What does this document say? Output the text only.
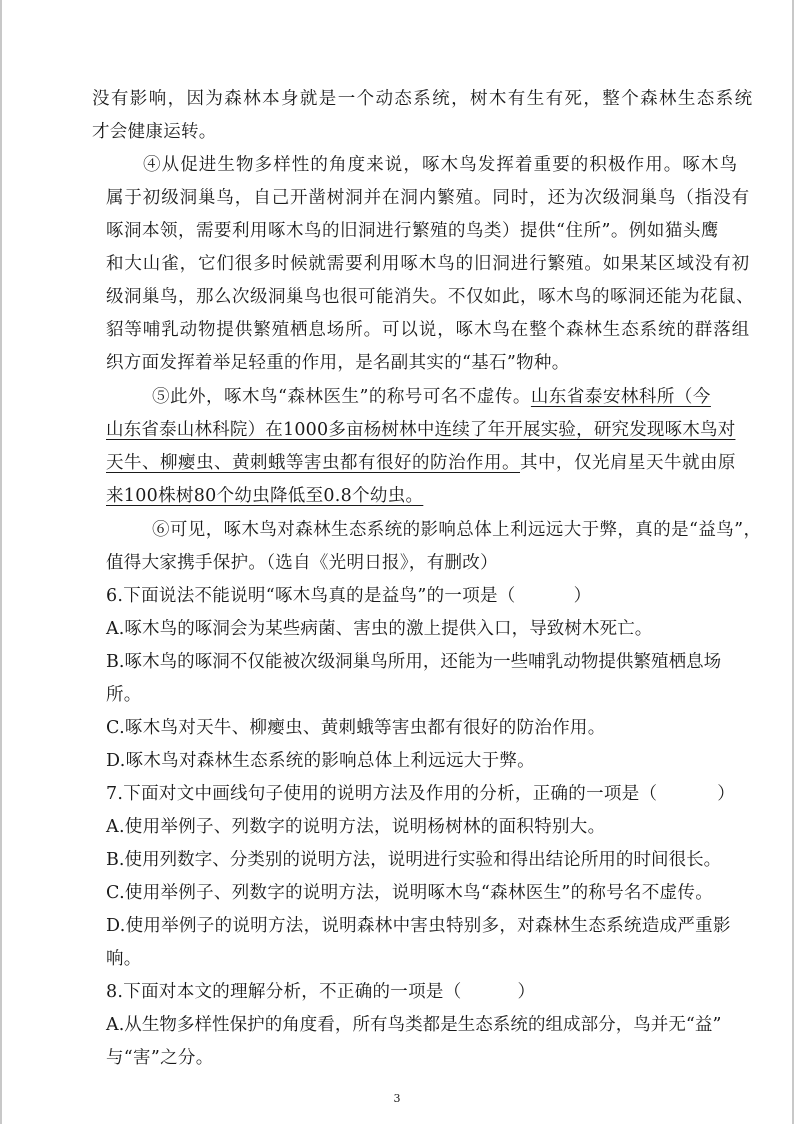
没有影响，因为森林本身就是一个动态系统，树木有生有死，整个森林生态系统
才会健康运转。
④从促进生物多样性的角度来说，啄木鸟发挥着重要的积极作用。啄木鸟
属于初级洞巢鸟，自己开凿树洞并在洞内繁殖。同时，还为次级洞巢鸟（指没有
啄洞本领，需要利用啄木鸟的旧洞进行繁殖的鸟类）提供“住所”。例如猫头鹰
和大山雀，它们很多时候就需要利用啄木鸟的旧洞进行繁殖。如果某区域没有初
级洞巢鸟，那么次级洞巢鸟也很可能消失。不仅如此，啄木鸟的啄洞还能为花鼠、
貂等哺乳动物提供繁殖栖息场所。可以说，啄木鸟在整个森林生态系统的群落组
织方面发挥着举足轻重的作用，是名副其实的“基石”物种。
⑤此外，啄木鸟“森林医生”的称号可名不虚传。山东省泰安林科所（今
山东省泰山林科院）在1000多亩杨树林中连续了年开展实验，研究发现啄木鸟对
天牛、柳瘿虫、黄刺蛾等害虫都有很好的防治作用。其中，仅光肩星天牛就由原
来100株树80个幼虫降低至0.8个幼虫。
⑥可见，啄木鸟对森林生态系统的影响总体上利远远大于弊，真的是“益鸟”，
值得大家携手保护。（选自《光明日报》，有删改）
6.下面说法不能说明“啄木鸟真的是益鸟”的一项是（	）
A.啄木鸟的啄洞会为某些病菌、害虫的激上提供入口，导致树木死亡。
B.啄木鸟的啄洞不仅能被次级洞巢鸟所用，还能为一些哺乳动物提供繁殖栖息场
所。
C.啄木鸟对天牛、柳瘿虫、黄刺蛾等害虫都有很好的防治作用。
D.啄木鸟对森林生态系统的影响总体上利远远大于弊。
7.下面对文中画线句子使用的说明方法及作用的分析，正确的一项是（	）
A.使用举例子、列数字的说明方法，说明杨树林的面积特别大。
B.使用列数字、分类别的说明方法，说明进行实验和得出结论所用的时间很长。
C.使用举例子、列数字的说明方法，说明啄木鸟“森林医生”的称号名不虚传。
D.使用举例子的说明方法，说明森林中害虫特别多，对森林生态系统造成严重影
响。
8.下面对本文的理解分析，不正确的一项是（	）
A.从生物多样性保护的角度看，所有鸟类都是生态系统的组成部分，鸟并无“益”
与“害”之分。
3
